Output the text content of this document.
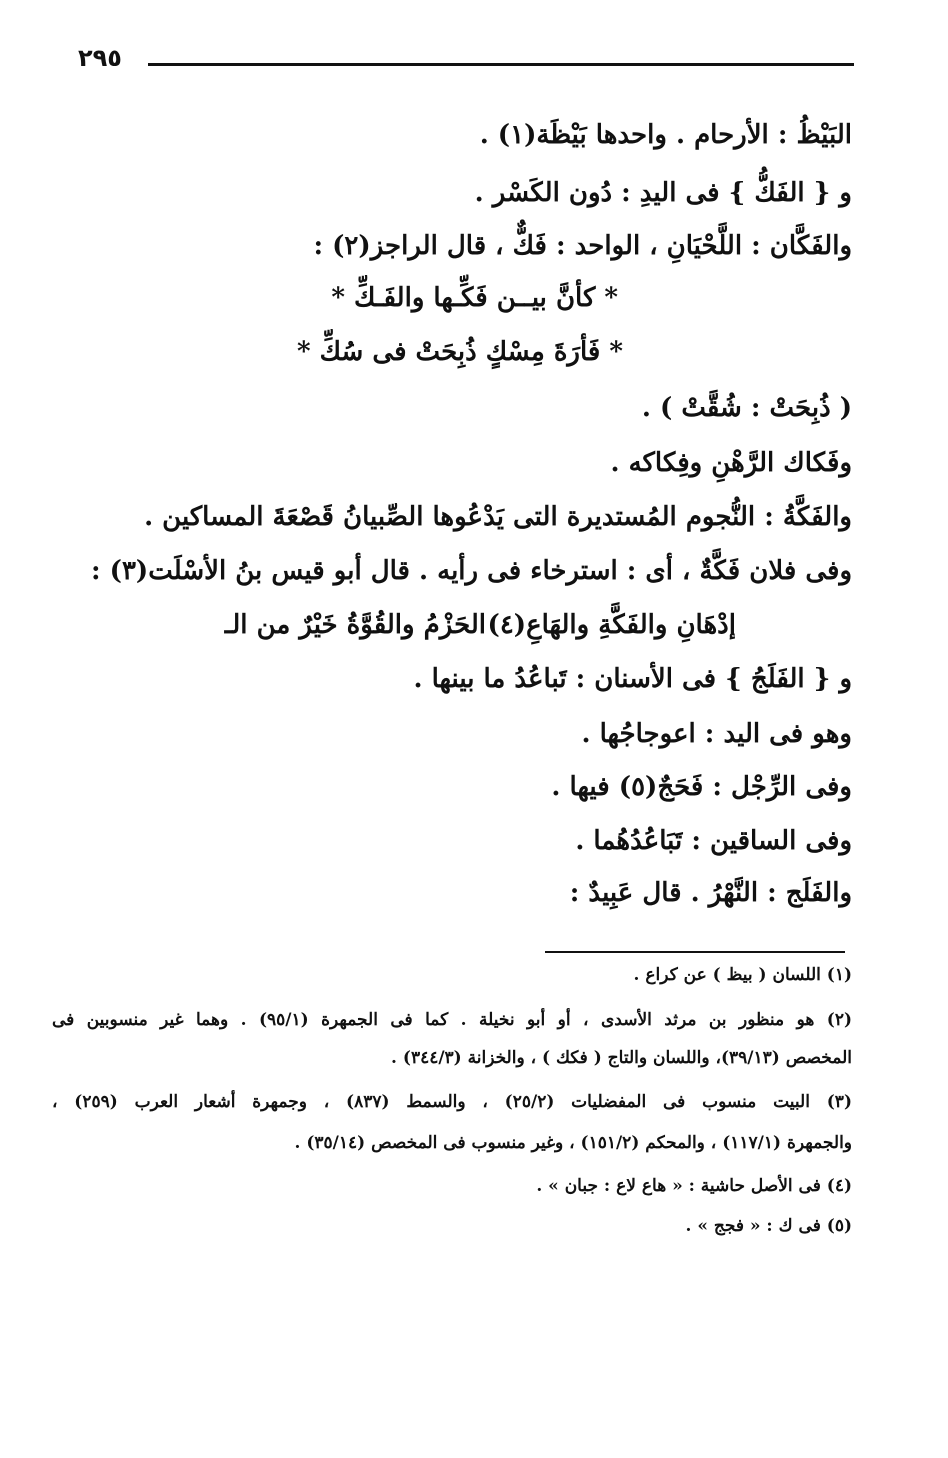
٢٩٥
البَيْظُ : الأرحام . واحدها بَيْظَة(١) .
و { الفَكُّ } فى اليدِ : دُون الكَسْر .
والفَكَّان : اللَّحْيَانِ ، الواحد : فَكٌّ ، قال الراجز(٢) :
* كأنَّ بيــن فَكِّـها والفَـكِّ *
* فَأرَةَ مِسْكٍ ذُبِحَتْ فى سُكِّ *
( ذُبِحَتْ : شُقَّتْ ) .
وفَكاك الرَّهْنِ وفِكاكه .
والفَكَّةُ : النُّجوم المُستديرة التى يَدْعُوها الصِّبيانُ قَصْعَةَ المساكين .
وفى فلان فَكَّةٌ ، أى : استرخاء فى رأيه . قال أبو قيس بنُ الأسْلَت(٣) :
الحَزْمُ والقُوَّةُ خَيْرٌ من الـ إدْهَانِ والفَكَّةِ والهَاعِ(٤)
و { الفَلَجُ } فى الأسنان : تَباعُدُ ما بينها .
وهو فى اليد : اعوجاجُها .
وفى الرِّجْل : فَحَجٌ(٥) فيها .
وفى الساقين : تَبَاعُدُهُما .
والفَلَج : النَّهْرُ . قال عَبِيدٌ :
(١) اللسان ( بيظ ) عن كراع .
(٢) هو منظور بن مرثد الأسدى ، أو أبو نخيلة . كما فى الجمهرة (٩٥/١) . وهما غير منسوبين فى
المخصص (٣٩/١٣)، واللسان والتاج ( فكك ) ، والخزانة (٣٤٤/٣) .
(٣) البيت منسوب فى المفضليات (٢٥/٢) ، والسمط (٨٣٧) ، وجمهرة أشعار العرب (٢٥٩) ،
والجمهرة (١١٧/١) ، والمحكم (١٥١/٢) ، وغير منسوب فى المخصص (٣٥/١٤) .
(٤) فى الأصل حاشية : « هاع لاع : جبان » .
(٥) فى ك : « فجج » .
